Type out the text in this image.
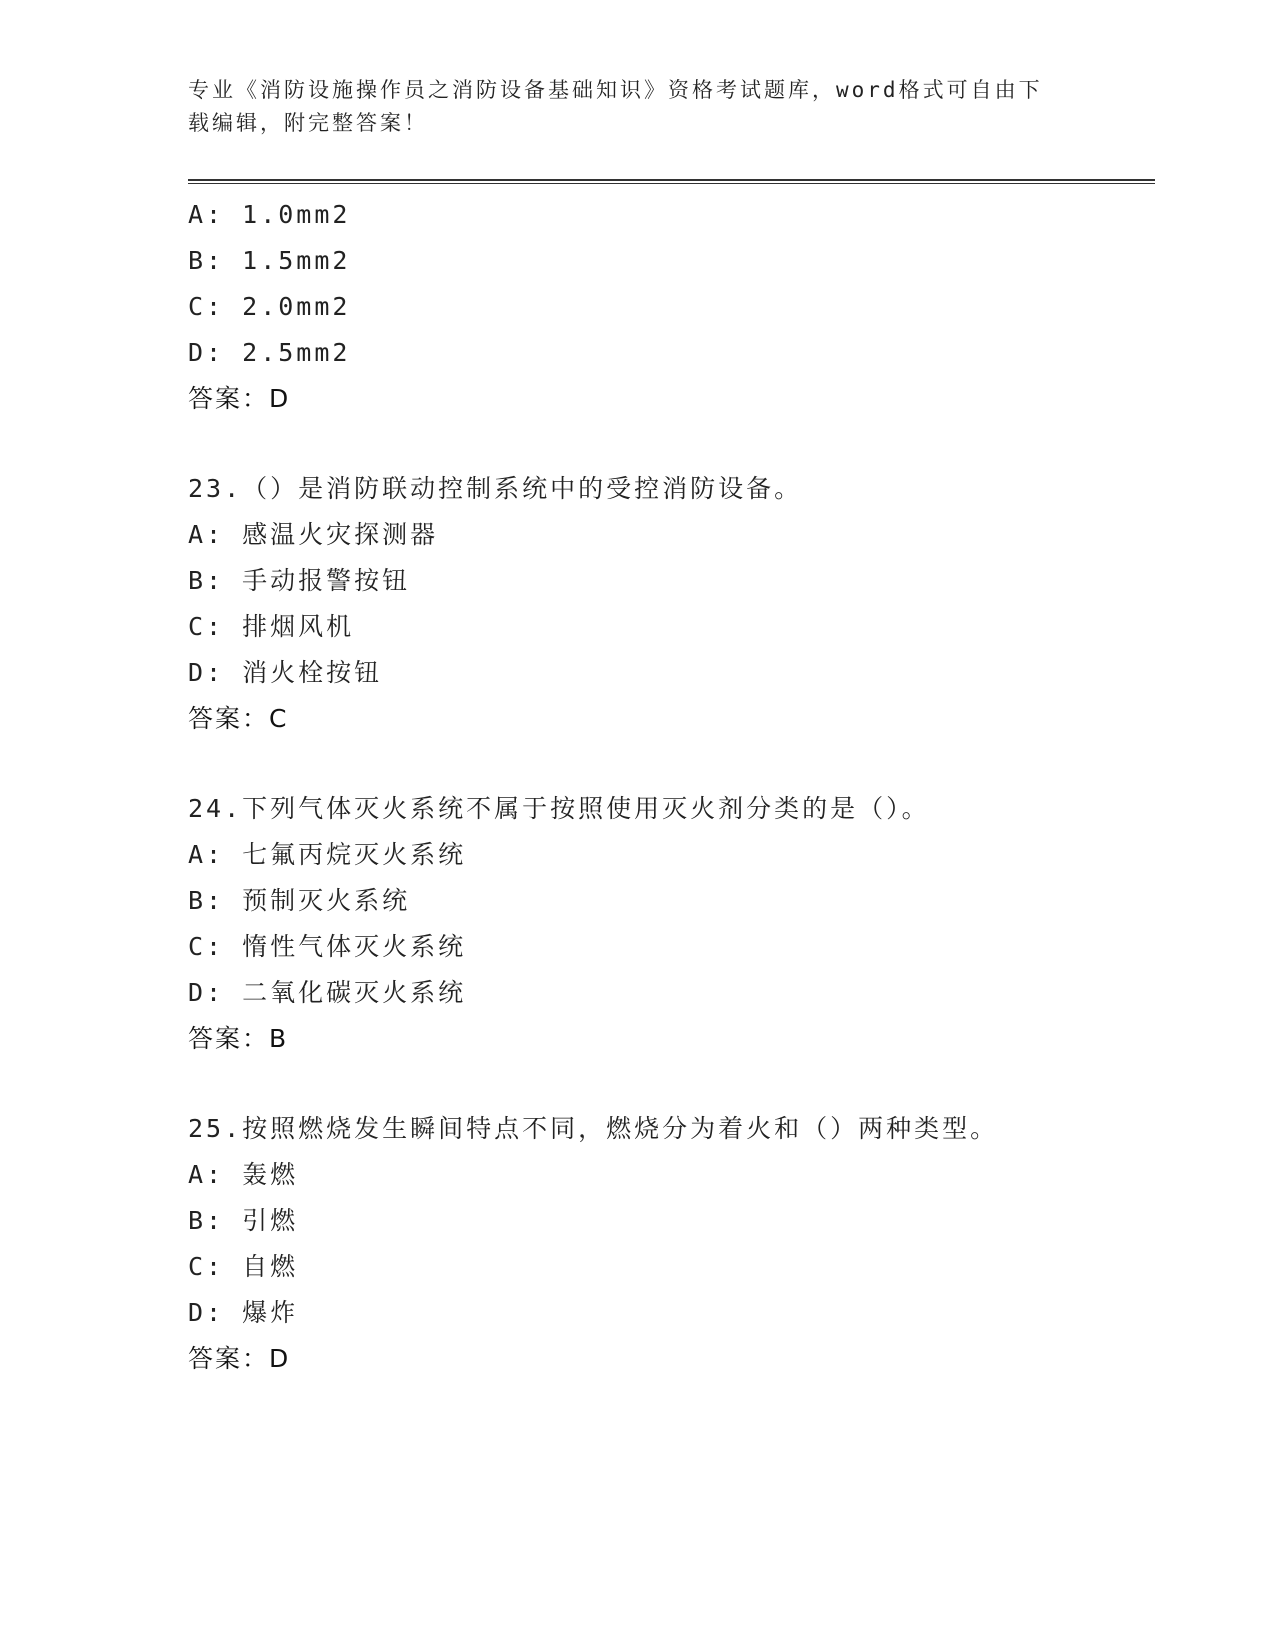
专业《消防设施操作员之消防设备基础知识》资格考试题库，word格式可自由下
载编辑，附完整答案！
A: 1.0mm2
B: 1.5mm2
C: 2.0mm2
D: 2.5mm2
答案：D
23.（）是消防联动控制系统中的受控消防设备。
A: 感温火灾探测器
B: 手动报警按钮
C: 排烟风机
D: 消火栓按钮
答案：C
24.下列气体灭火系统不属于按照使用灭火剂分类的是（）。
A: 七氟丙烷灭火系统
B: 预制灭火系统
C: 惰性气体灭火系统
D: 二氧化碳灭火系统
答案：B
25.按照燃烧发生瞬间特点不同，燃烧分为着火和（）两种类型。
A: 轰燃
B: 引燃
C: 自燃
D: 爆炸
答案：D
